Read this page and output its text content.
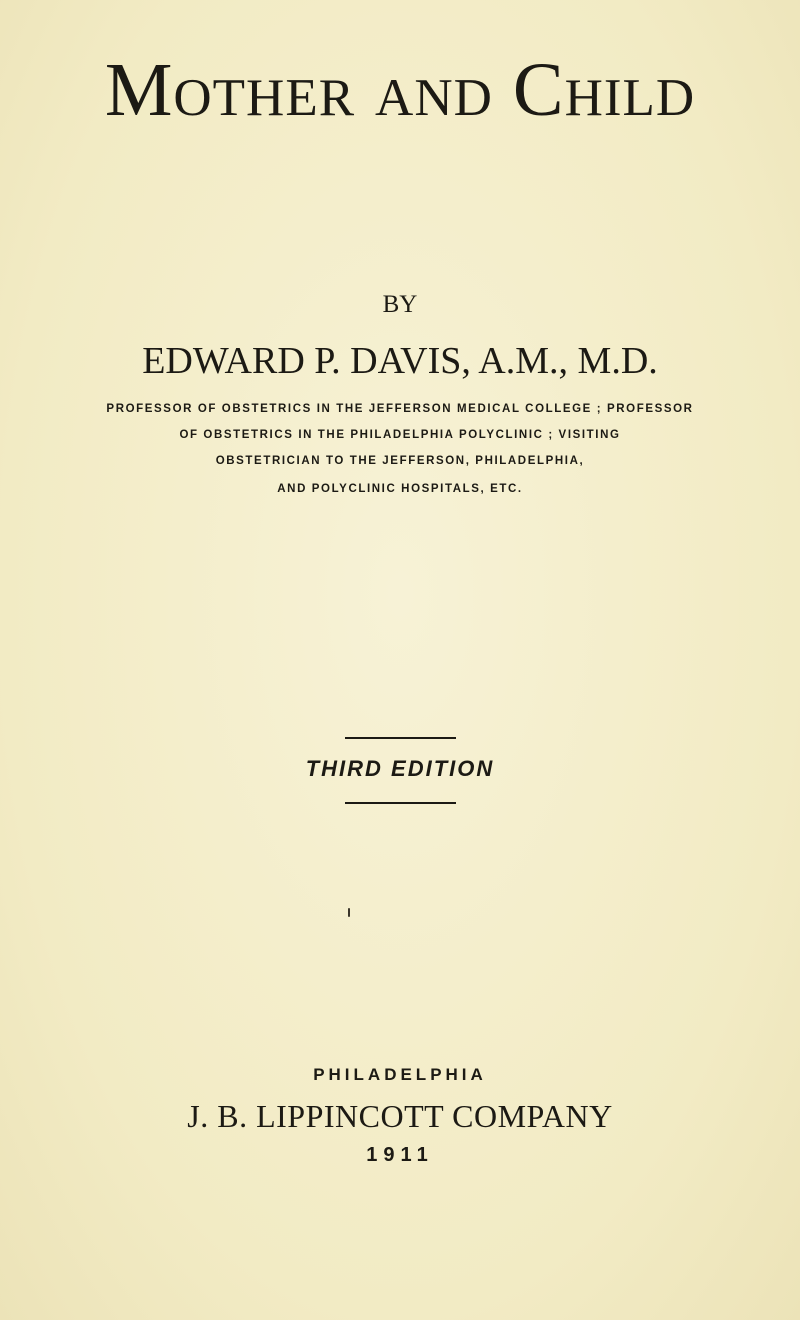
Mother and Child
BY
EDWARD P. DAVIS, A.M., M.D.
PROFESSOR OF OBSTETRICS IN THE JEFFERSON MEDICAL COLLEGE ; PROFESSOR
OF OBSTETRICS IN THE PHILADELPHIA POLYCLINIC ; VISITING
OBSTETRICIAN TO THE JEFFERSON, PHILADELPHIA,
AND POLYCLINIC HOSPITALS, ETC.
THIRD EDITION
PHILADELPHIA
J. B. LIPPINCOTT COMPANY
1911
